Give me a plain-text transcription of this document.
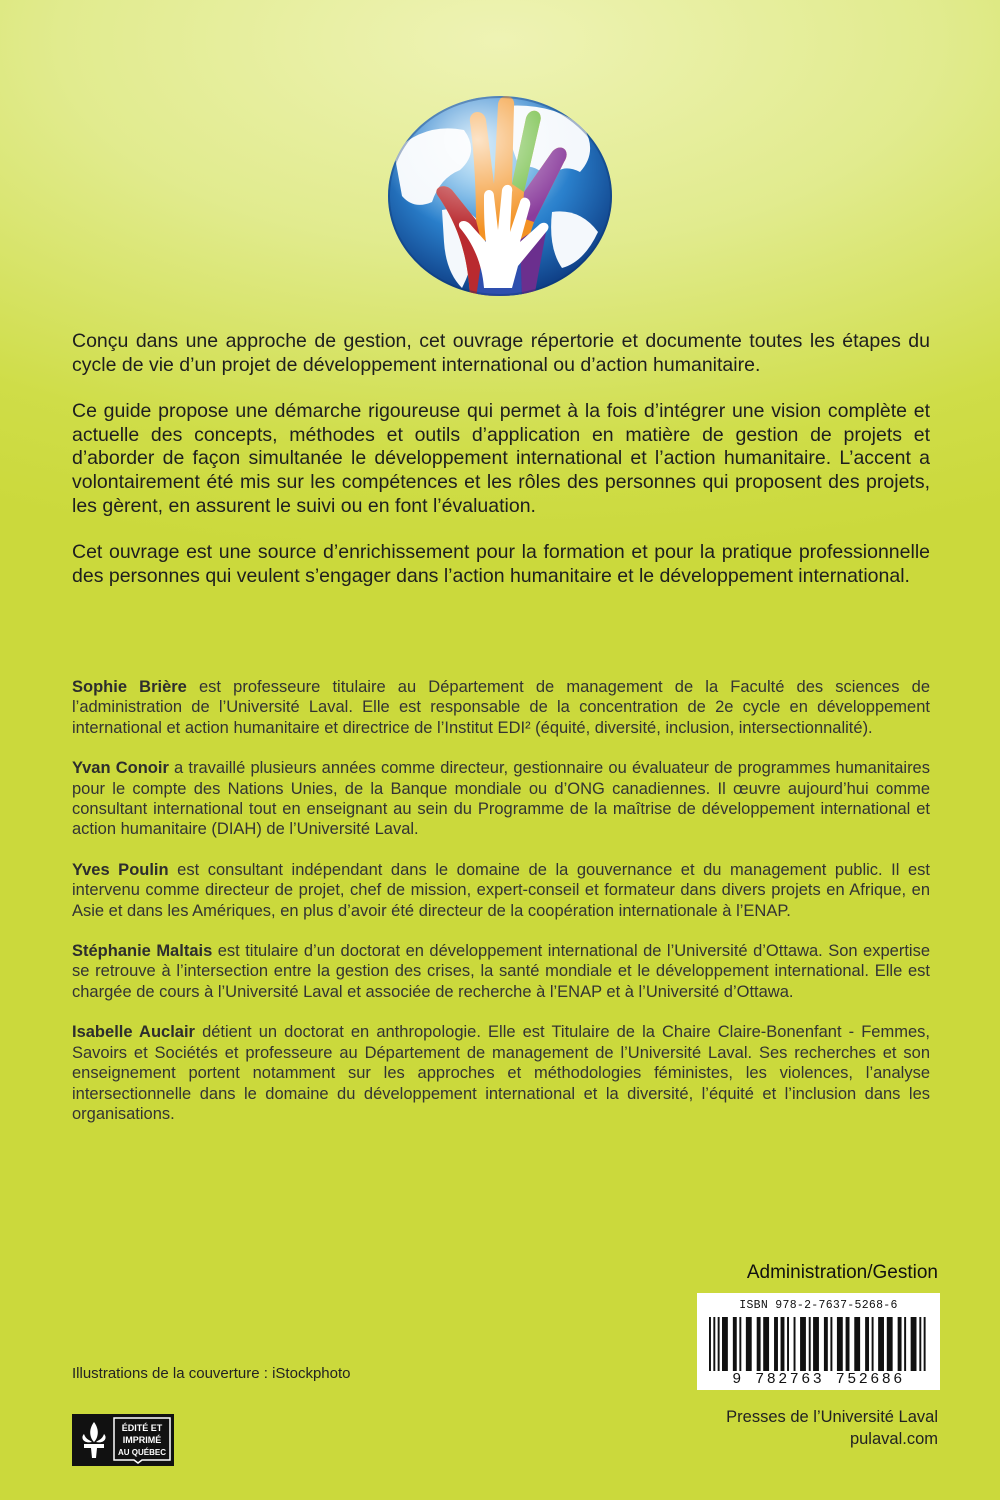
Conçu dans une approche de gestion, cet ouvrage répertorie et documente toutes les étapes du cycle de vie d’un projet de développement international ou d’action humanitaire.

Ce guide propose une démarche rigoureuse qui permet à la fois d’intégrer une vision complète et actuelle des concepts, méthodes et outils d’application en matière de gestion de projets et d’aborder de façon simultanée le développement international et l’action humanitaire. L’accent a volontairement été mis sur les compétences et les rôles des personnes qui proposent des projets, les gèrent, en assurent le suivi ou en font l’évaluation.

Cet ouvrage est une source d’enrichissement pour la formation et pour la pratique professionnelle des personnes qui veulent s’engager dans l’action humanitaire et le développement international.

Sophie Brière est professeure titulaire au Département de management de la Faculté des sciences de l’administration de l’Université Laval. Elle est responsable de la concentration de 2e cycle en développement international et action humanitaire et directrice de l’Institut EDI² (équité, diversité, inclusion, intersectionnalité).

Yvan Conoir a travaillé plusieurs années comme directeur, gestionnaire ou évaluateur de programmes humanitaires pour le compte des Nations Unies, de la Banque mondiale ou d’ONG canadiennes. Il œuvre aujourd’hui comme consultant international tout en enseignant au sein du Programme de la maîtrise de développement international et action humanitaire (DIAH) de l’Université Laval.

Yves Poulin est consultant indépendant dans le domaine de la gouvernance et du management public. Il est intervenu comme directeur de projet, chef de mission, expert-conseil et formateur dans divers projets en Afrique, en Asie et dans les Amériques, en plus d’avoir été directeur de la coopération internationale à l’ENAP.

Stéphanie Maltais est titulaire d’un doctorat en développement international de l’Université d’Ottawa. Son expertise se retrouve à l’intersection entre la gestion des crises, la santé mondiale et le développement international. Elle est chargée de cours à l’Université Laval et associée de recherche à l’ENAP et à l’Université d’Ottawa.

Isabelle Auclair détient un doctorat en anthropologie. Elle est Titulaire de la Chaire Claire-Bonenfant - Femmes, Savoirs et Sociétés et professeure au Département de management de l’Université Laval. Ses recherches et son enseignement portent notamment sur les approches et méthodologies féministes, les violences, l’analyse intersectionnelle dans le domaine du développement international et la diversité, l’équité et l’inclusion dans les organisations.

Illustrations de la couverture : iStockphoto
ÉDITÉ ET
IMPRIMÉ
AU QUÉBEC
Administration/Gestion
ISBN 978-2-7637-5268-6
9 782763 752686
Presses de l’Université Laval
pulaval.com
